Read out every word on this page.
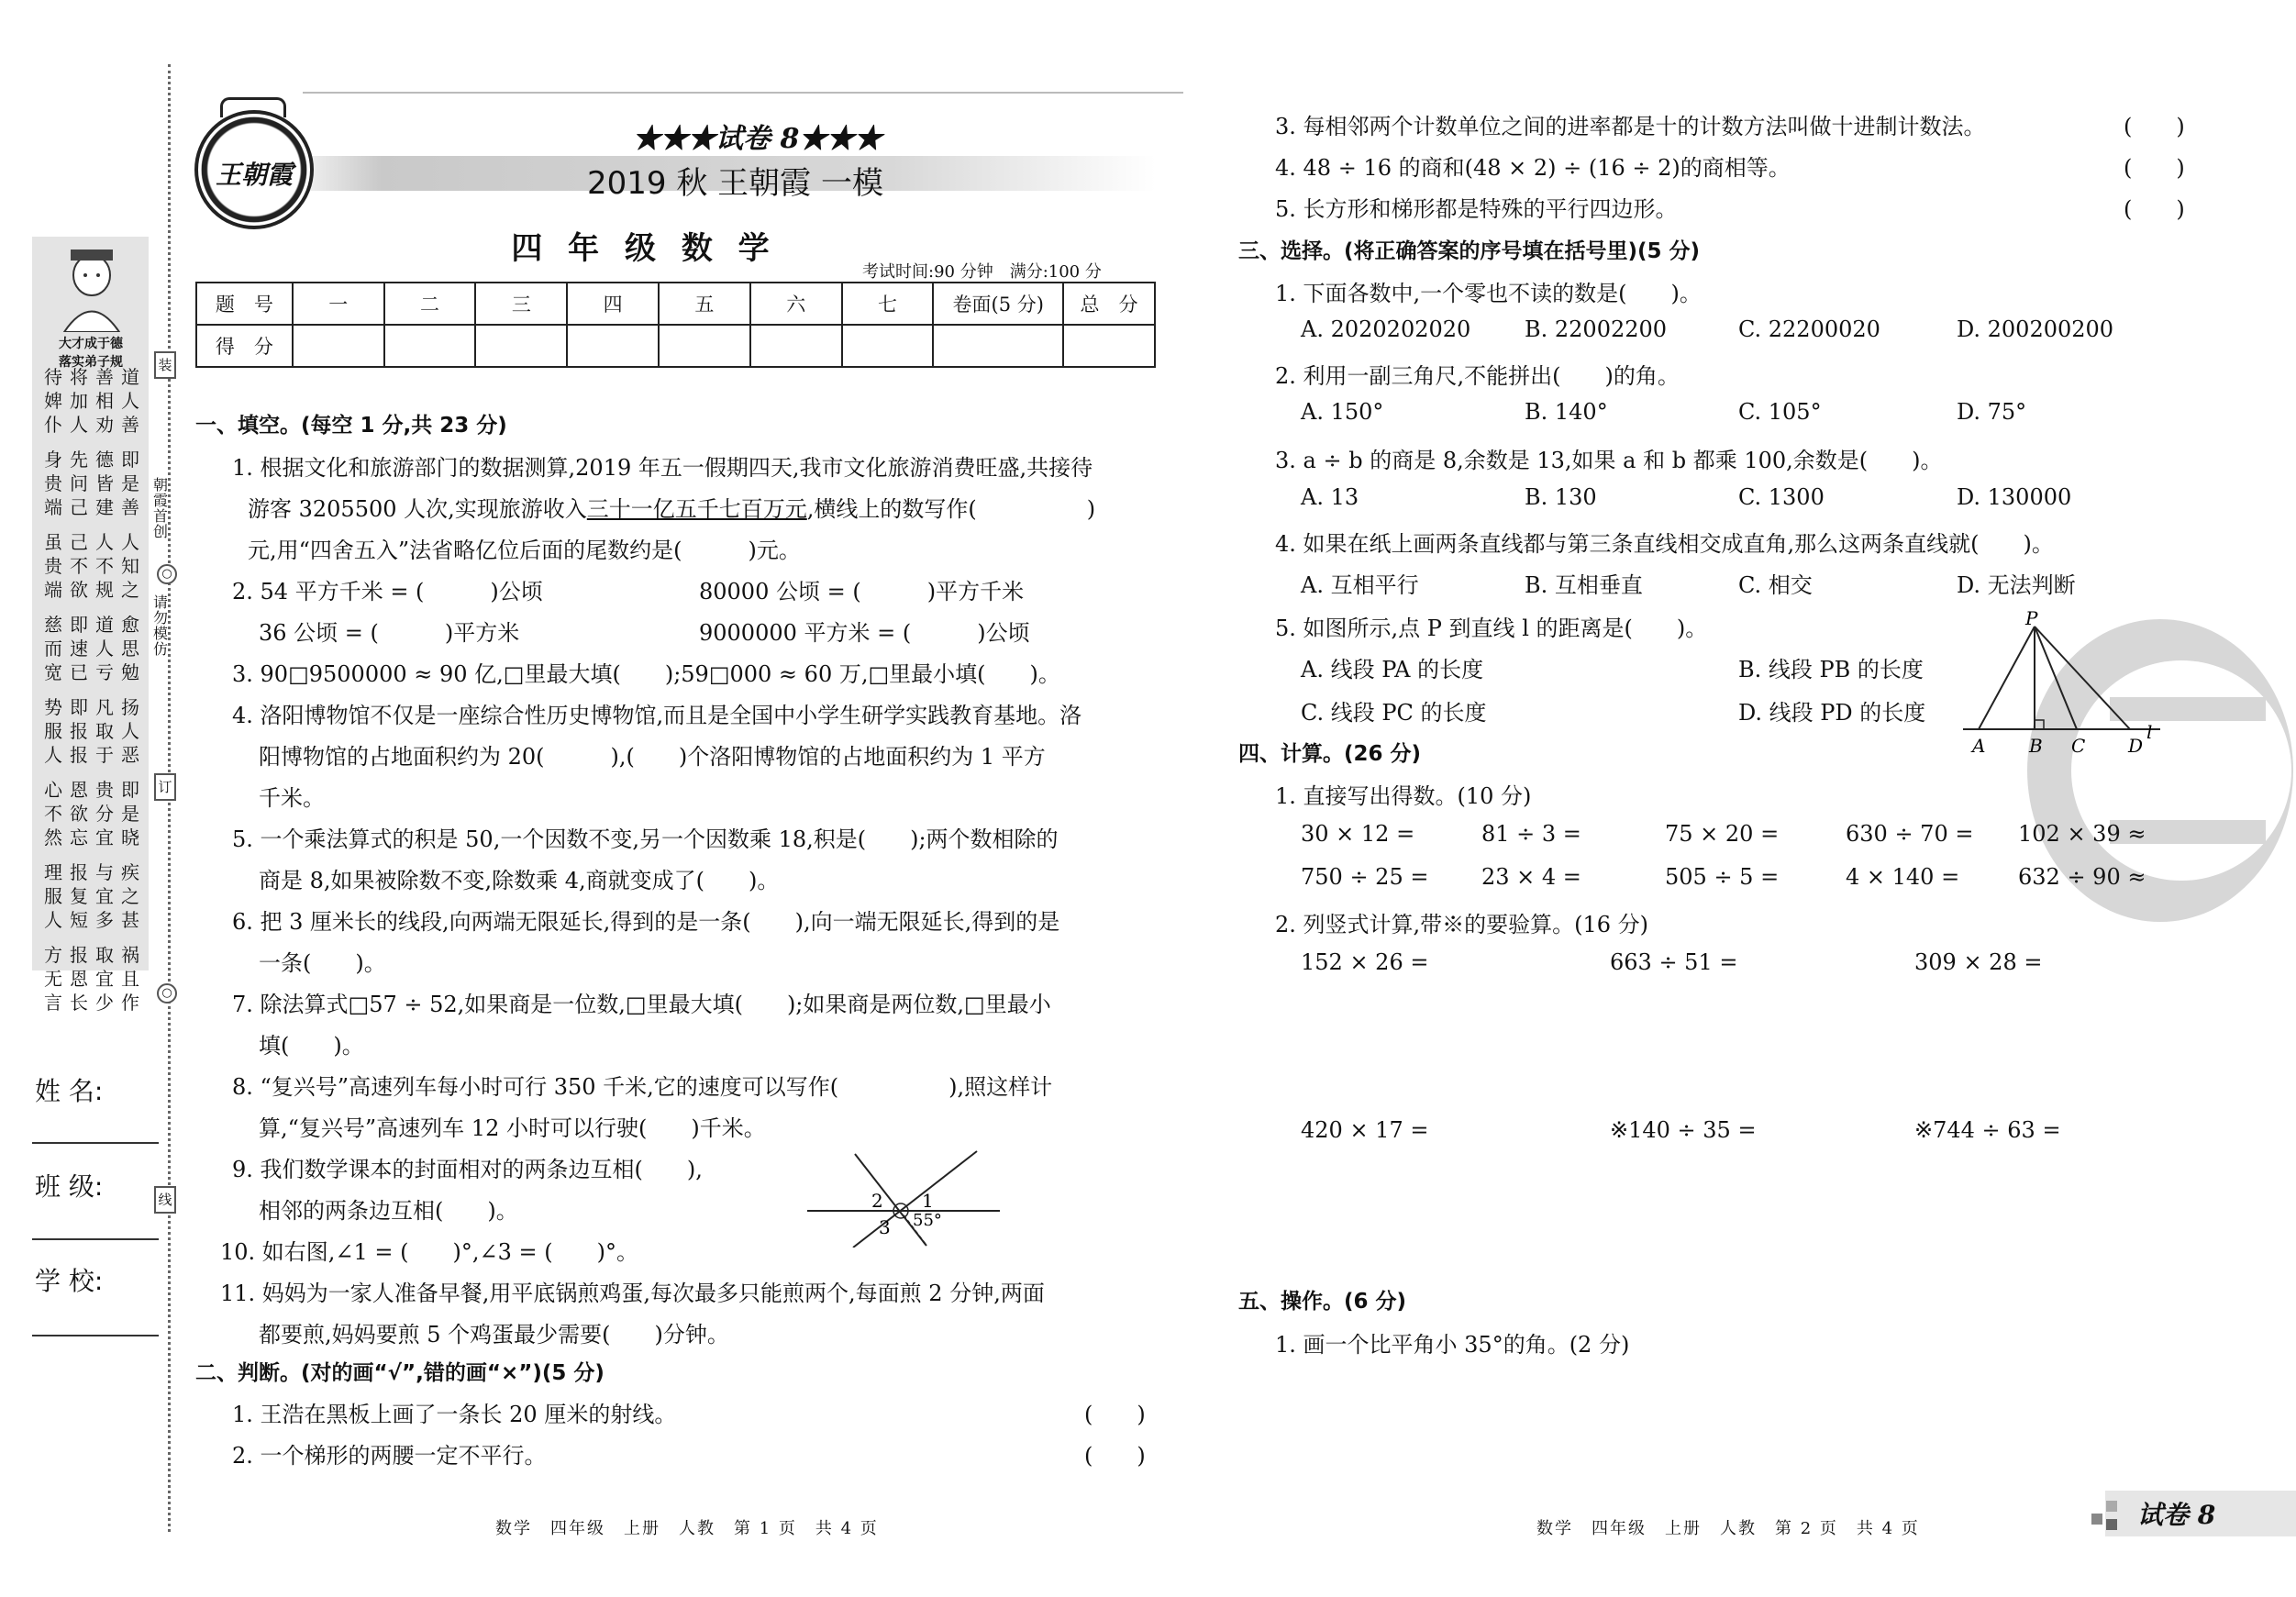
大才成于德
落实弟子规
待 将 善 道
婢 加 相 人
仆 人 劝 善
身 先 德 即
贵 问 皆 是
端 己 建 善
虽 己 人 人
贵 不 不 知
端 欲 规 之
慈 即 道 愈
而 速 人 思
宽 已 亏 勉
势 即 凡 扬
服 报 取 人
人 报 于 恶
心 恩 贵 即
不 欲 分 是
然 忘 宜 晓
理 报 与 疾
服 复 宜 之
人 短 多 甚
方 报 取 祸
无 恩 宜 且
言 长 少 作
装
朝
霞
首
创
○
请
勿
模
仿
订
○
线
姓 名:
班 级:
学 校:
王朝霞
★★★试卷 8★★★
2019 秋 王朝霞 一模
四 年 级 数 学
考试时间:90 分钟　满分:100 分
题　号	一	二	三	四	五	六	七	卷面(5 分)	总　分
得　分									
一、填空。(每空 1 分,共 23 分)
1. 根据文化和旅游部门的数据测算,2019 年五一假期四天,我市文化旅游消费旺盛,共接待
游客 3205500 人次,实现旅游收入三十一亿五千七百万元,横线上的数写作(　　　　　)
元,用“四舍五入”法省略亿位后面的尾数约是(　　　)元。
2. 54 平方千米 = (　　　)公顷	80000 公顷 = (　　　)平方千米
36 公顷 = (　　　)平方米	9000000 平方米 = (　　　)公顷
3. 90□9500000 ≈ 90 亿,□里最大填(　　);59□000 ≈ 60 万,□里最小填(　　)。
4. 洛阳博物馆不仅是一座综合性历史博物馆,而且是全国中小学生研学实践教育基地。洛
阳博物馆的占地面积约为 20(　　　),(　　)个洛阳博物馆的占地面积约为 1 平方
千米。
5. 一个乘法算式的积是 50,一个因数不变,另一个因数乘 18,积是(　　);两个数相除的
商是 8,如果被除数不变,除数乘 4,商就变成了(　　)。
6. 把 3 厘米长的线段,向两端无限延长,得到的是一条(　　),向一端无限延长,得到的是
一条(　　)。
7. 除法算式□57 ÷ 52,如果商是一位数,□里最大填(　　);如果商是两位数,□里最小
填(　　)。
8. “复兴号”高速列车每小时可行 350 千米,它的速度可以写作(　　　　　),照这样计
算,“复兴号”高速列车 12 小时可以行驶(　　)千米。
9. 我们数学课本的封面相对的两条边互相(　　),
相邻的两条边互相(　　)。
10. 如右图,∠1 = (　　)°,∠3 = (　　)°。
2 1
3 55°
11. 妈妈为一家人准备早餐,用平底锅煎鸡蛋,每次最多只能煎两个,每面煎 2 分钟,两面
都要煎,妈妈要煎 5 个鸡蛋最少需要(　　)分钟。
二、判断。(对的画“√”,错的画“×”)(5 分)
1. 王浩在黑板上画了一条长 20 厘米的射线。	(　　)
2. 一个梯形的两腰一定不平行。	(　　)
数学　四年级　上册　人教　第 1 页　共 4 页
3. 每相邻两个计数单位之间的进率都是十的计数方法叫做十进制计数法。	(　　)
4. 48 ÷ 16 的商和(48 × 2) ÷ (16 ÷ 2)的商相等。	(　　)
5. 长方形和梯形都是特殊的平行四边形。	(　　)
三、选择。(将正确答案的序号填在括号里)(5 分)
1. 下面各数中,一个零也不读的数是(　　)。
A. 2020202020 B. 22002200	C. 22200020	D. 200200200
2. 利用一副三角尺,不能拼出(　　)的角。
A. 150°	B. 140°	C. 105°	D. 75°
3. a ÷ b 的商是 8,余数是 13,如果 a 和 b 都乘 100,余数是(　　)。
A. 13	B. 130	C. 1300	D. 130000
4. 如果在纸上画两条直线都与第三条直线相交成直角,那么这两条直线就(　　)。
A. 互相平行	B. 互相垂直	C. 相交	D. 无法判断
5. 如图所示,点 P 到直线 l 的距离是(　　)。
A. 线段 PA 的长度	B. 线段 PB 的长度
C. 线段 PC 的长度	D. 线段 PD 的长度
P
A B C D
l
四、计算。(26 分)
1. 直接写出得数。(10 分)
30 × 12 =	81 ÷ 3 =	75 × 20 =	630 ÷ 70 = 102 × 39 ≈
750 ÷ 25 = 23 × 4 =	505 ÷ 5 =	4 × 140 =	632 ÷ 90 ≈
2. 列竖式计算,带※的要验算。(16 分)
152 × 26 =	663 ÷ 51 =	309 × 28 =
420 × 17 =	※140 ÷ 35 =	※744 ÷ 63 =
五、操作。(6 分)
1. 画一个比平角小 35°的角。(2 分)
数学　四年级　上册　人教　第 2 页　共 4 页	试卷 8
